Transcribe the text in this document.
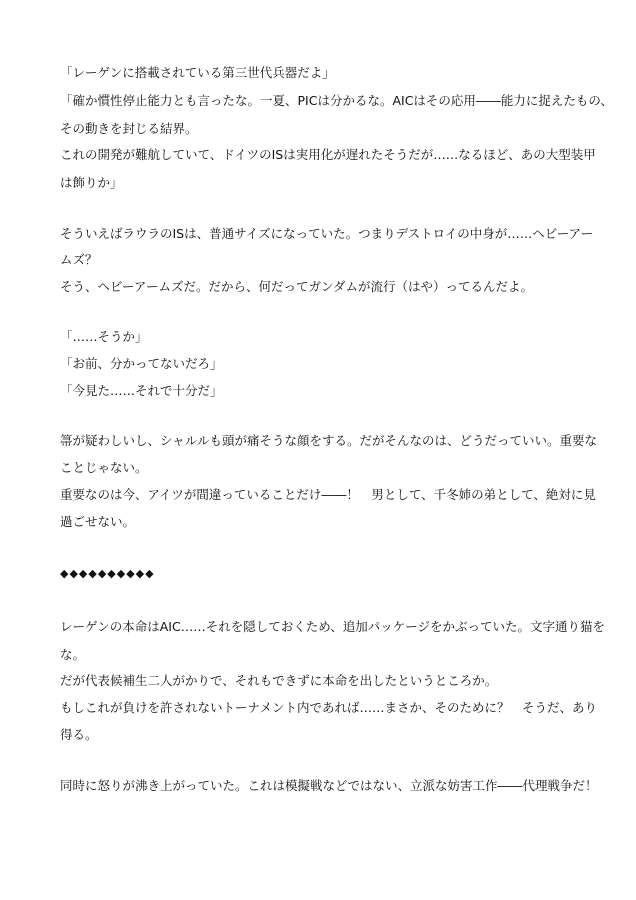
「レーゲンに搭載されている第三世代兵器だよ」
「確か慣性停止能力とも言ったな。一夏、PICは分かるな。AICはその応用――能力に捉えたもの、
その動きを封じる結界。
これの開発が難航していて、ドイツのISは実用化が遅れたそうだが……なるほど、あの大型装甲
は飾りか」
そういえばラウラのISは、普通サイズになっていた。つまりデストロイの中身が……ヘビーアー
ムズ？
そう、ヘビーアームズだ。だから、何だってガンダムが流行（はや）ってるんだよ。
「……そうか」
「お前、分かってないだろ」
「今見た……それで十分だ」
箒が疑わしいし、シャルルも頭が痛そうな顔をする。だがそんなのは、どうだっていい。重要な
ことじゃない。
重要なのは今、アイツが間違っていることだけ――！　男として、千冬姉の弟として、絶対に見
過ごせない。
◆◆◆◆◆◆◆◆◆◆
レーゲンの本命はAIC……それを隠しておくため、追加パッケージをかぶっていた。文字通り猫を
な。
だが代表候補生二人がかりで、それもできずに本命を出したというところか。
もしこれが負けを許されないトーナメント内であれば……まさか、そのために？　そうだ、あり
得る。
同時に怒りが沸き上がっていた。これは模擬戦などではない、立派な妨害工作――代理戦争だ！
